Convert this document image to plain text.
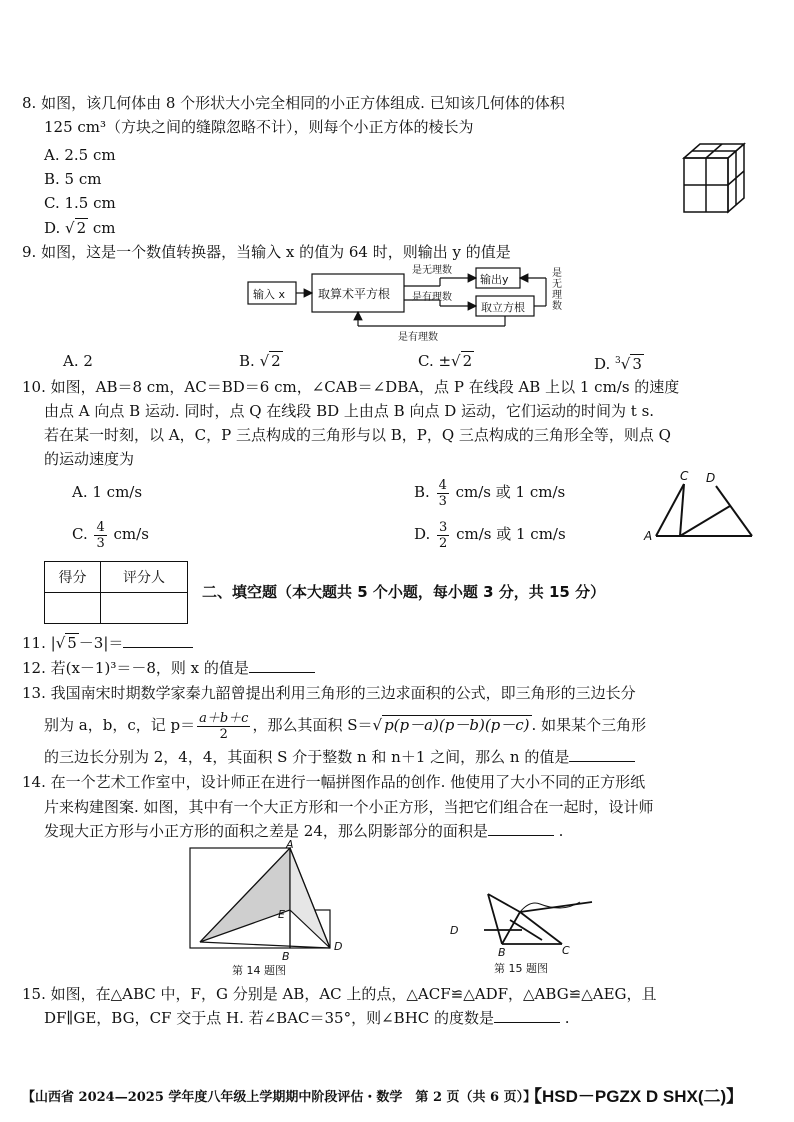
8. 如图，该几何体由 8 个形状大小完全相同的小正方体组成. 已知该几何体的体积
125 cm³（方块之间的缝隙忽略不计），则每个小正方体的棱长为
A. 2.5 cm
B. 5 cm
C. 1.5 cm
D. √ 2 cm
9. 如图，这是一个数值转换器，当输入 x 的值为 64 时，则输出 y 的值是
输入 x	取算术平方根
输出y
取立方根
是无理数
是有理数
是有理数
是
无
理
数
A. 2	B. √ 2	C. ±√ 2	D. $^3$√ 3
10. 如图，AB＝8 cm，AC＝BD＝6 cm，∠CAB＝∠DBA，点 P 在线段 AB 上以 1 cm/s 的速度
由点 A 向点 B 运动. 同时，点 Q 在线段 BD 上由点 B 向点 D 运动，它们运动的时间为 t s.
若在某一时刻，以 A，C，P 三点构成的三角形与以 B，P，Q 三点构成的三角形全等，则点 Q
的运动速度为
A. 1 cm/s	B. $\frac{4}{3} cm/s$ 或 1 cm/s
C. $\frac{4}{3} cm/s$	D. $\frac{3}{2} cm/s$ 或 1 cm/s
C D
A
得分	评分人

二、填空题（本大题共 5 个小题，每小题 3 分，共 15 分）
11. |√ 5 －3|＝
12. 若(x－1)³＝－8，则 x 的值是
13. 我国南宋时期数学家秦九韶曾提出利用三角形的三边求面积的公式，即三角形的三边长分
别为 a，b，c，记 $p= \frac{a+b+c}{2}$ ，那么其面积 S＝√ p(p－a)(p－b)(p－c) . 如果某个三角形
的三边长分别为 2，4，4，其面积 S 介于整数 n 和 n＋1 之间，那么 n 的值是
14. 在一个艺术工作室中，设计师正在进行一幅拼图作品的创作. 他使用了大小不同的正方形纸
片来构建图案. 如图，其中有一个大正方形和一个小正方形，当把它们组合在一起时，设计师
发现大正方形与小正方形的面积之差是 24，那么阴影部分的面积是	.
A
E
B
D
第 14 题图
D
B	C
第 15 题图
15. 如图，在△ABC 中，F，G 分别是 AB，AC 上的点，△ACF≌△ADF，△ABG≌△AEG，且
DF∥GE，BG，CF 交于点 H. 若∠BAC＝35°，则∠BHC 的度数是	.
【山西省 2024—2025 学年度八年级上学期期中阶段评估・数学　第 2 页（共 6 页）】
【HSD－PGZX D SHX(二)】
